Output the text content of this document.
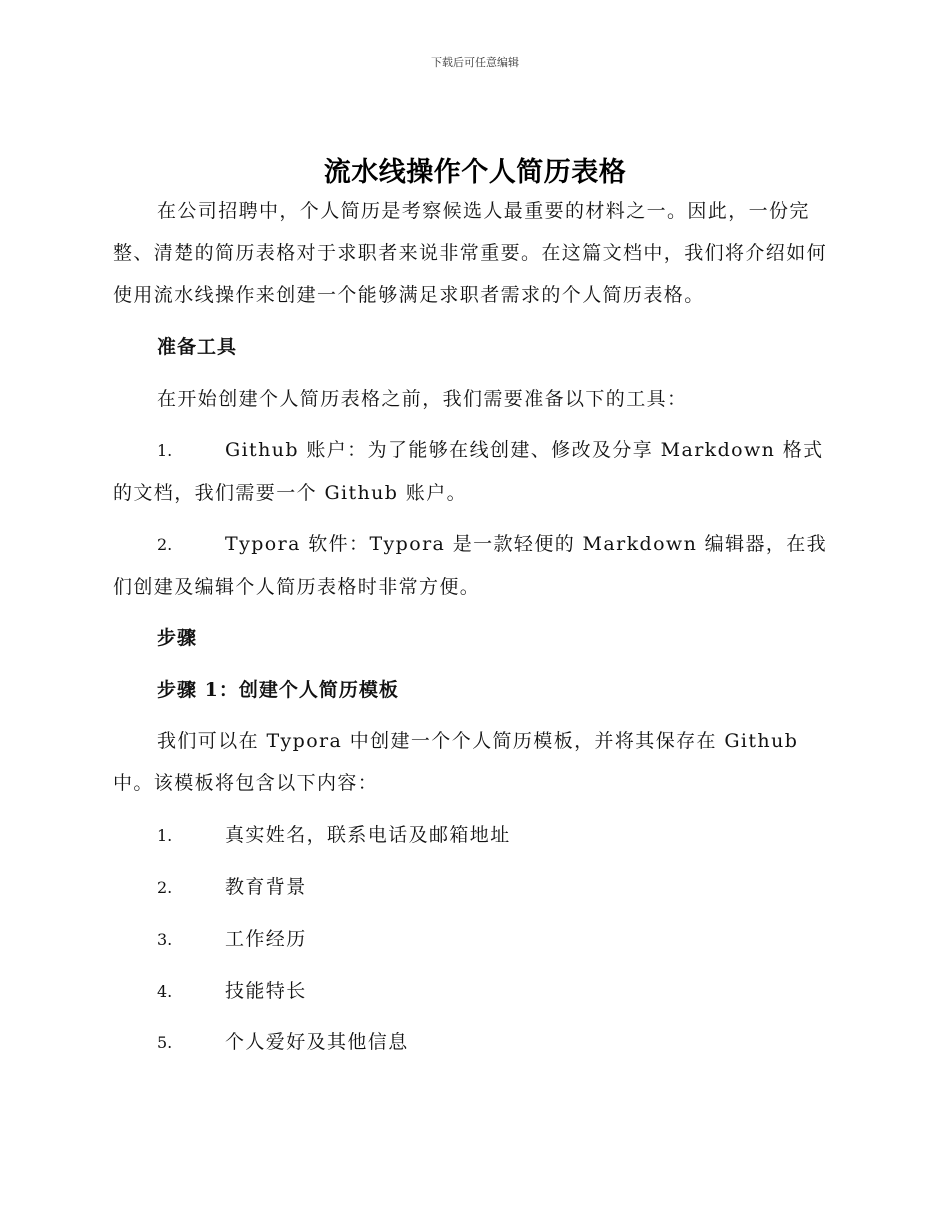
下载后可任意编辑
流水线操作个人简历表格

在公司招聘中，个人简历是考察候选人最重要的材料之一。因此，一份完整、清楚的简历表格对于求职者来说非常重要。在这篇文档中，我们将介绍如何使用流水线操作来创建一个能够满足求职者需求的个人简历表格。

准备工具

在开始创建个人简历表格之前，我们需要准备以下的工具：

1.	Github 账户：为了能够在线创建、修改及分享 Markdown 格式的文档，我们需要一个 Github 账户。

2.	Typora 软件：Typora 是一款轻便的 Markdown 编辑器，在我们创建及编辑个人简历表格时非常方便。

步骤

步骤 1：创建个人简历模板

我们可以在 Typora 中创建一个个人简历模板，并将其保存在 Github 中。该模板将包含以下内容：

1.	真实姓名，联系电话及邮箱地址

2.	教育背景

3.	工作经历

4.	技能特长

5.	个人爱好及其他信息
